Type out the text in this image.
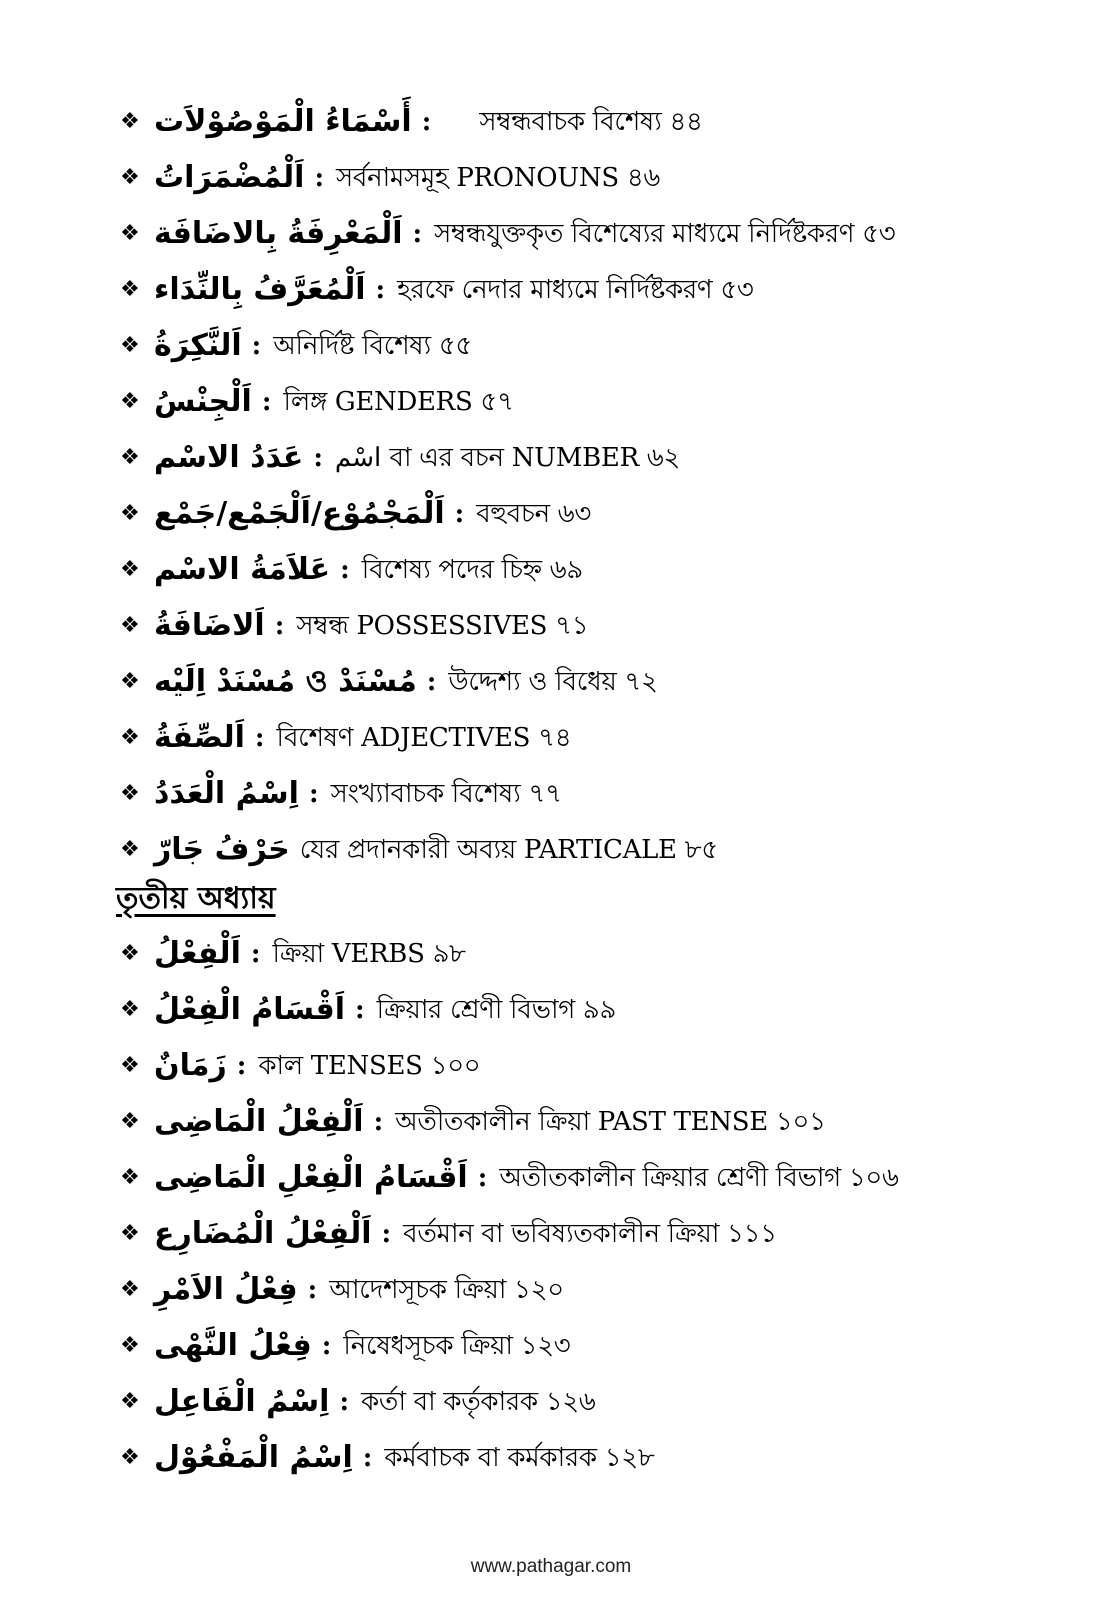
❖ أَسْمَاءُ الْمَوْصُوْلاَت : সম্বন্ধবাচক বিশেষ্য ৪৪
❖ اَلْمُضْمَرَاتُ : সর্বনামসমূহ PRONOUNS ৪৬
❖ اَلْمَعْرِفَةُ بِالاضَافَة : সম্বন্ধযুক্তকৃত বিশেষ্যের মাধ্যমে নির্দিষ্টকরণ ৫৩
❖ اَلْمُعَرَّفُ بِالنِّدَاء : হরফে নেদার মাধ্যমে নির্দিষ্টকরণ ৫৩
❖ اَلنَّكِرَةُ : অনির্দিষ্ট বিশেষ্য ৫৫
❖ اَلْجِنْسُ : লিঙ্গ GENDERS ৫৭
❖ عَدَدُ الاسْم : اسْم বা এর বচন NUMBER ৬২
❖ اَلْمَجْمُوْع/اَلْجَمْع/جَمْع : বহুবচন ৬৩
❖ عَلاَمَةُ الاسْم : বিশেষ্য পদের চিহ্ন ৬৯
❖ اَلاضَافَةُ : সম্বন্ধ POSSESSIVES ৭১
❖ مُسْنَدْ ও مُسْنَدْ اِلَيْه : উদ্দেশ্য ও বিধেয় ৭২
❖ اَلصِّفَةُ : বিশেষণ ADJECTIVES ৭৪
❖ اِسْمُ الْعَدَدُ : সংখ্যাবাচক বিশেষ্য ৭৭
❖ حَرْفُ جَارّ যের প্রদানকারী অব্যয় PARTICALE ৮৫
তৃতীয় অধ্যায়
❖ اَلْفِعْلُ : ক্রিয়া VERBS ৯৮
❖ اَقْسَامُ الْفِعْلُ : ক্রিয়ার শ্রেণী বিভাগ ৯৯
❖ زَمَانٌ : কাল TENSES ১০০
❖ اَلْفِعْلُ الْمَاضِى : অতীতকালীন ক্রিয়া PAST TENSE ১০১
❖ اَقْسَامُ الْفِعْلِ الْمَاضِى : অতীতকালীন ক্রিয়ার শ্রেণী বিভাগ ১০৬
❖ اَلْفِعْلُ الْمُضَارِع : বর্তমান বা ভবিষ্যতকালীন ক্রিয়া ১১১
❖ فِعْلُ الاَمْرِ : আদেশসূচক ক্রিয়া ১২০
❖ فِعْلُ النَّهْى : নিষেধসূচক ক্রিয়া ১২৩
❖ اِسْمُ الْفَاعِل : কর্তা বা কর্তৃকারক ১২৬
❖ اِسْمُ الْمَفْعُوْل : কর্মবাচক বা কর্মকারক ১২৮
www.pathagar.com
